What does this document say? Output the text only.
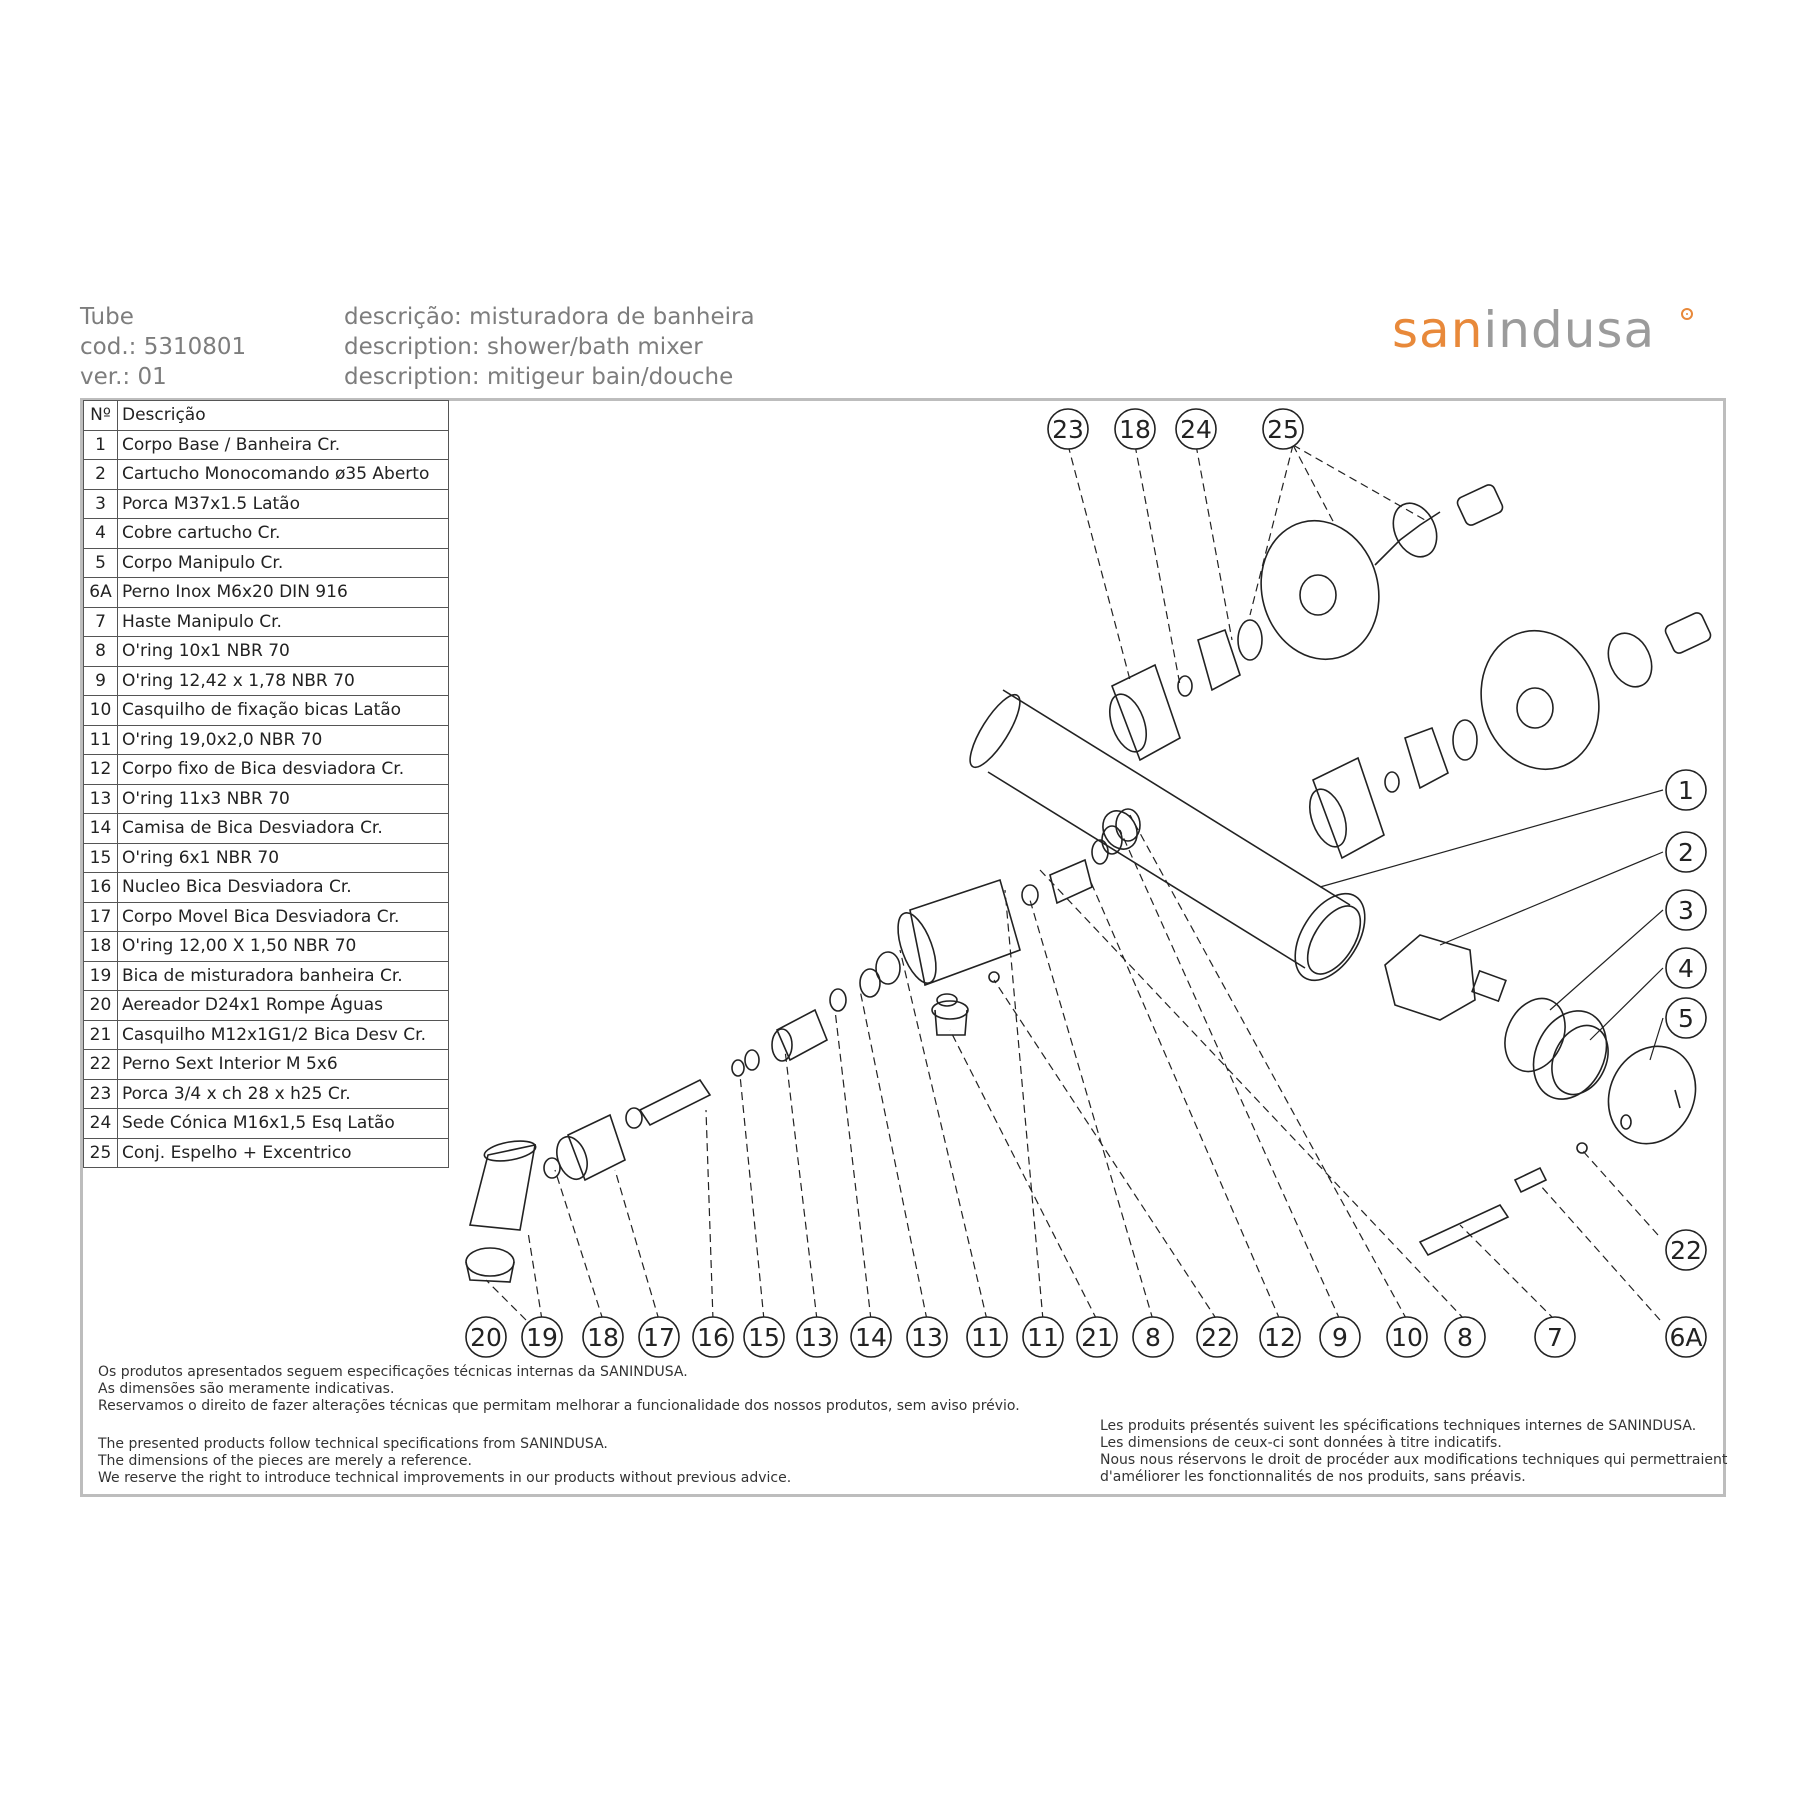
Tube
cod.: 5310801
ver.: 01
descrição: misturadora de banheira
description: shower/bath mixer
description: mitigeur bain/douche
sanindusa
Nº	Descrição
1	Corpo Base / Banheira Cr.
2	Cartucho Monocomando ø35 Aberto
3	Porca M37x1.5 Latão
4	Cobre cartucho Cr.
5	Corpo Manipulo Cr.
6A	Perno Inox M6x20 DIN 916
7	Haste Manipulo Cr.
8	O'ring 10x1 NBR 70
9	O'ring 12,42 x 1,78 NBR 70
10	Casquilho de fixação bicas Latão
11	O'ring 19,0x2,0 NBR 70
12	Corpo fixo de Bica desviadora Cr.
13	O'ring 11x3 NBR 70
14	Camisa de Bica Desviadora Cr.
15	O'ring 6x1 NBR 70
16	Nucleo Bica Desviadora Cr.
17	Corpo Movel Bica Desviadora Cr.
18	O'ring 12,00 X 1,50 NBR 70
19	Bica de misturadora banheira Cr.
20	Aereador D24x1 Rompe Águas
21	Casquilho M12x1G1/2 Bica Desv Cr.
22	Perno Sext Interior M 5x6
23	Porca 3/4 x ch 28 x h25 Cr.
24	Sede Cónica M16x1,5 Esq Latão
25	Conj. Espelho + Excentrico
23 18 24 25
1
2
3
4
5
22
20 19 18 17 16 15 13 14 13 11 11 21 8 22 12 9 10 8	7	6A

Os produtos apresentados seguem especificações técnicas internas da SANINDUSA.

As dimensões são meramente indicativas.

Reservamos o direito de fazer alterações técnicas que permitam melhorar a funcionalidade dos nossos produtos, sem aviso prévio.

The presented products follow technical specifications from SANINDUSA.

The dimensions of the pieces are merely a reference.

We reserve the right to introduce technical improvements in our products without previous advice.

Les produits présentés suivent les spécifications techniques internes de SANINDUSA.

Les dimensions de ceux-ci sont données à titre indicatifs.

Nous nous réservons le droit de procéder aux modifications techniques qui permettraient

d'améliorer les fonctionnalités de nos produits, sans préavis.
